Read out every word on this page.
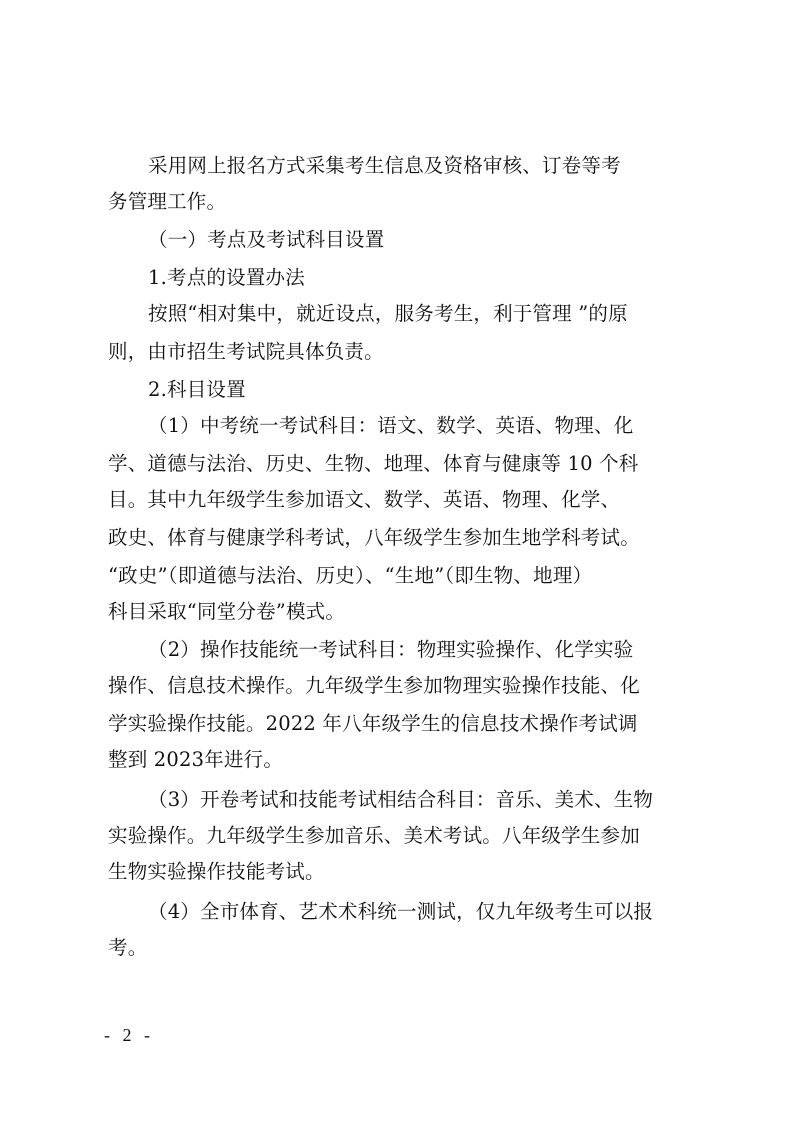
采用网上报名方式采集考生信息及资格审核、订卷等考
务管理工作。
（一）考点及考试科目设置
1.考点的设置办法
按照“相对集中，就近设点，服务考生，利于管理 ”的原
则，由市招生考试院具体负责。
2.科目设置
（1）中考统一考试科目：语文、数学、英语、物理、化
学、道德与法治、历史、生物、地理、体育与健康等 10 个科
目。其中九年级学生参加语文、数学、英语、物理、化学、
政史、体育与健康学科考试，八年级学生参加生地学科考试。
“政史”（即道德与法治、历史）、“生地”（即生物、地理）
科目采取“同堂分卷”模式。
（2）操作技能统一考试科目：物理实验操作、化学实验
操作、信息技术操作。九年级学生参加物理实验操作技能、化
学实验操作技能。2022 年八年级学生的信息技术操作考试调
整到 2023年进行。
（3）开卷考试和技能考试相结合科目：音乐、美术、生物
实验操作。九年级学生参加音乐、美术考试。八年级学生参加
生物实验操作技能考试。
（4）全市体育、艺术术科统一测试，仅九年级考生可以报
考。
- 2 -
